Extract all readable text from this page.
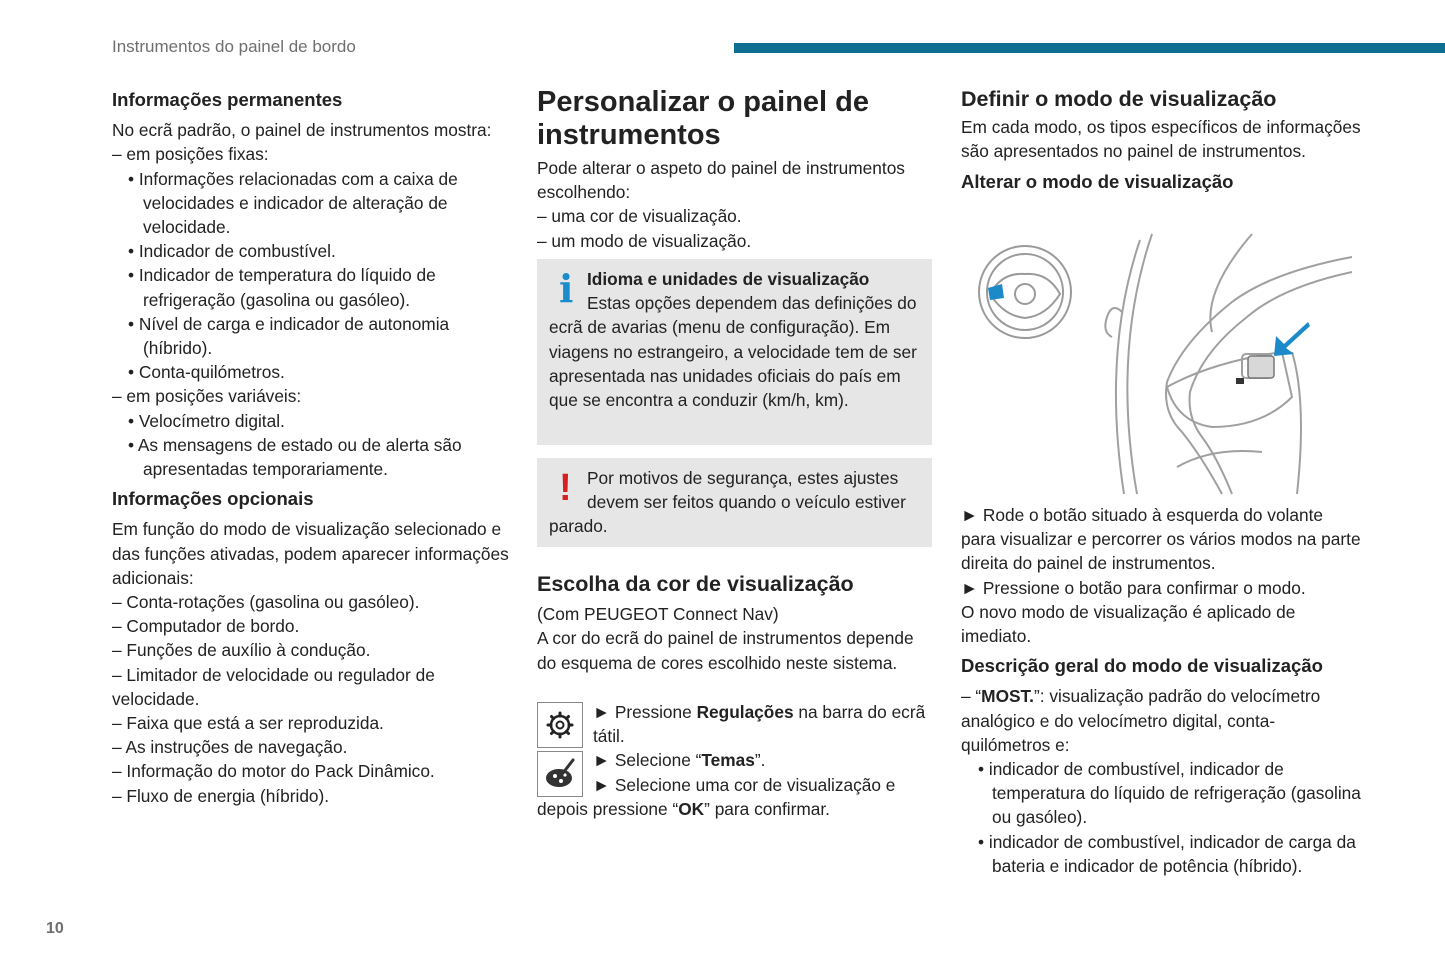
Instrumentos do painel de bordo

Informações permanentes

No ecrã padrão, o painel de instrumentos mostra:

– em posições fixas:

• Informações relacionadas com a caixa de velocidades e indicador de alteração de velocidade.

• Indicador de combustível.

• Indicador de temperatura do líquido de refrigeração (gasolina ou gasóleo).

• Nível de carga e indicador de autonomia (híbrido).

• Conta-quilómetros.

– em posições variáveis:

• Velocímetro digital.

• As mensagens de estado ou de alerta são apresentadas temporariamente.

Informações opcionais

Em função do modo de visualização selecionado e das funções ativadas, podem aparecer informações adicionais:

– Conta-rotações (gasolina ou gasóleo).

– Computador de bordo.

– Funções de auxílio à condução.

– Limitador de velocidade ou regulador de velocidade.

– Faixa que está a ser reproduzida.

– As instruções de navegação.

– Informação do motor do Pack Dinâmico.

– Fluxo de energia (híbrido).

Personalizar o painel de instrumentos

Pode alterar o aspeto do painel de instrumentos escolhendo:

– uma cor de visualização.

– um modo de visualização.

i Idioma e unidades de visualização
Estas opções dependem das definições do ecrã de avarias (menu de configuração). Em viagens no estrangeiro, a velocidade tem de ser apresentada nas unidades oficiais do país em que se encontra a conduzir (km/h, km).

! Por motivos de segurança, estes ajustes devem ser feitos quando o veículo estiver parado.

Escolha da cor de visualização

(Com PEUGEOT Connect Nav)

A cor do ecrã do painel de instrumentos depende do esquema de cores escolhido neste sistema.

► Pressione Regulações na barra do ecrã tátil.

► Selecione “Temas”.

► Selecione uma cor de visualização e depois pressione “OK” para confirmar.

Definir o modo de visualização

Em cada modo, os tipos específicos de informações são apresentados no painel de instrumentos.

Alterar o modo de visualização

► Rode o botão situado à esquerda do volante para visualizar e percorrer os vários modos na parte direita do painel de instrumentos.

► Pressione o botão para confirmar o modo.

O novo modo de visualização é aplicado de imediato.

Descrição geral do modo de visualização

– “MOST.”: visualização padrão do velocímetro analógico e do velocímetro digital, conta-quilómetros e:

• indicador de combustível, indicador de temperatura do líquido de refrigeração (gasolina ou gasóleo).

• indicador de combustível, indicador de carga da bateria e indicador de potência (híbrido).

10
